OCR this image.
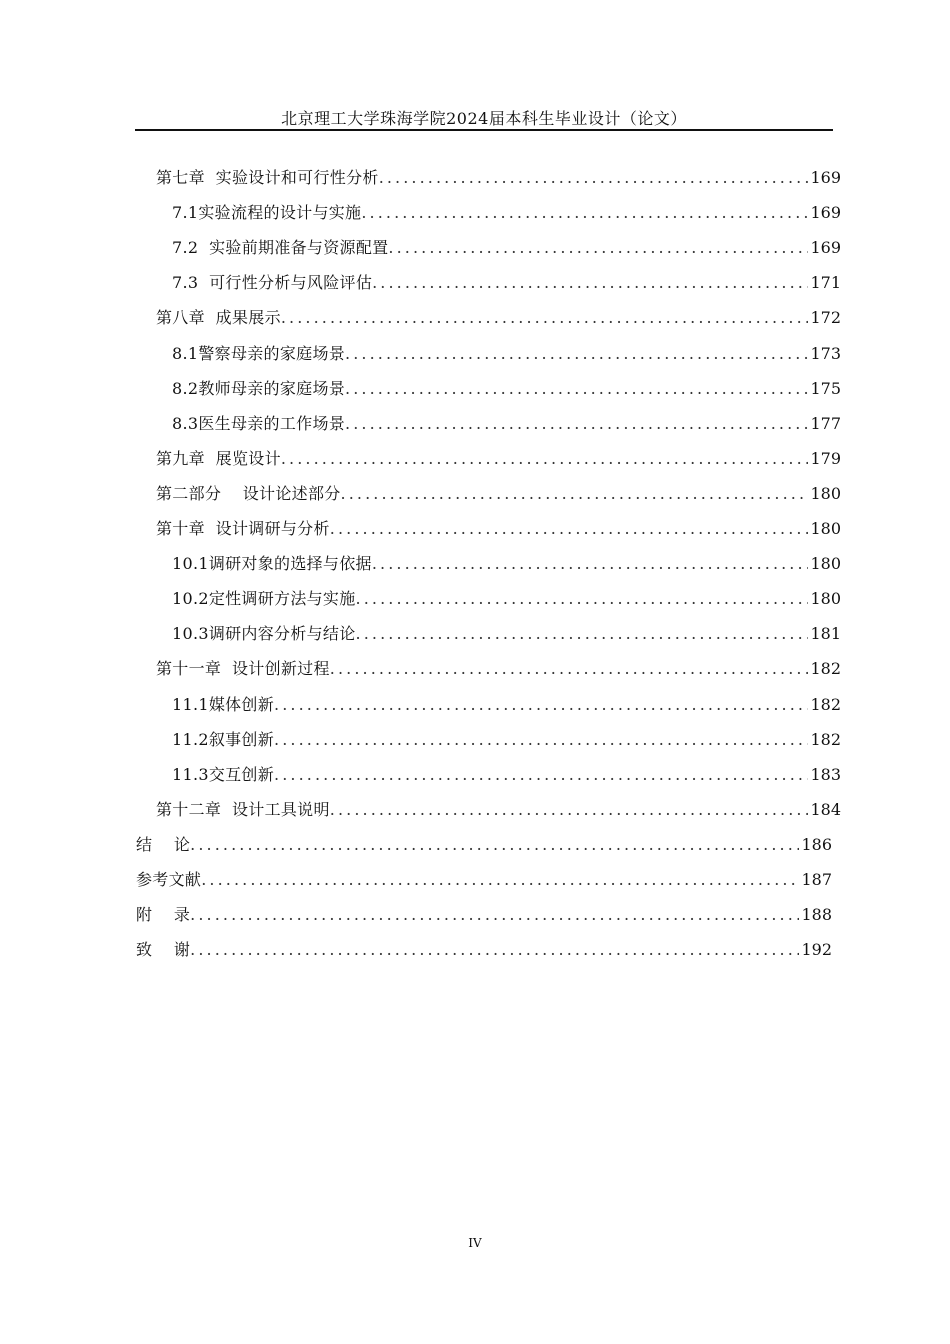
北京理工大学珠海学院2024届本科生毕业设计（论文）
第七章  实验设计和可行性分析 .....	169
7.1实验流程的设计与实施 .....	169
7.2  实验前期准备与资源配置 .....	169
7.3  可行性分析与风险评估 .....	171
第八章  成果展示 .....	172
8.1警察母亲的家庭场景 .....	173
8.2教师母亲的家庭场景 .....	175
8.3医生母亲的工作场景 .....	177
第九章  展览设计 .....	179
第二部分    设计论述部分 .....	180
第十章  设计调研与分析 .....	180
10.1调研对象的选择与依据 .....	180
10.2定性调研方法与实施 .....	180
10.3调研内容分析与结论 .....	181
第十一章  设计创新过程 .....	182
11.1媒体创新 .....	182
11.2叙事创新 .....	182
11.3交互创新 .....	183
第十二章  设计工具说明 .....	184
结    论 .....	186
参考文献 .....	187
附    录 .....	188
致    谢 .....	192
IV
